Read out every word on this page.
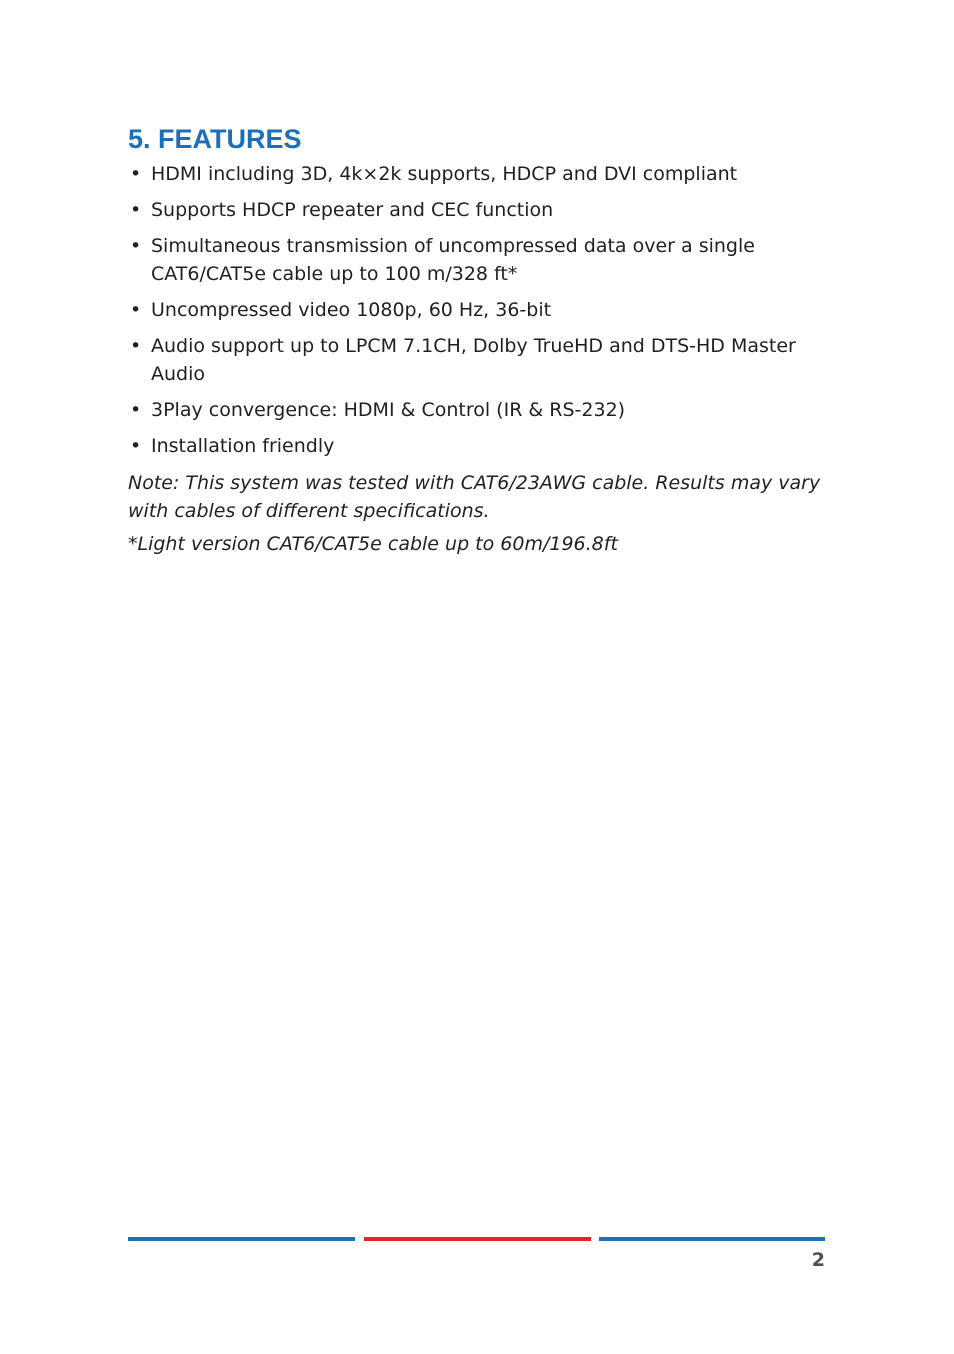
5. FEATURES
• HDMI including 3D, 4k×2k supports, HDCP and DVI compliant
• Supports HDCP repeater and CEC function
• Simultaneous transmission of uncompressed data over a single CAT6/CAT5e cable up to 100 m/328 ft*
• Uncompressed video 1080p, 60 Hz, 36-bit
• Audio support up to LPCM 7.1CH, Dolby TrueHD and DTS-HD Master Audio
• 3Play convergence: HDMI & Control (IR & RS-232)
• Installation friendly

Note: This system was tested with CAT6/23AWG cable. Results may vary with cables of different specifications.

*Light version CAT6/CAT5e cable up to 60m/196.8ft

2
